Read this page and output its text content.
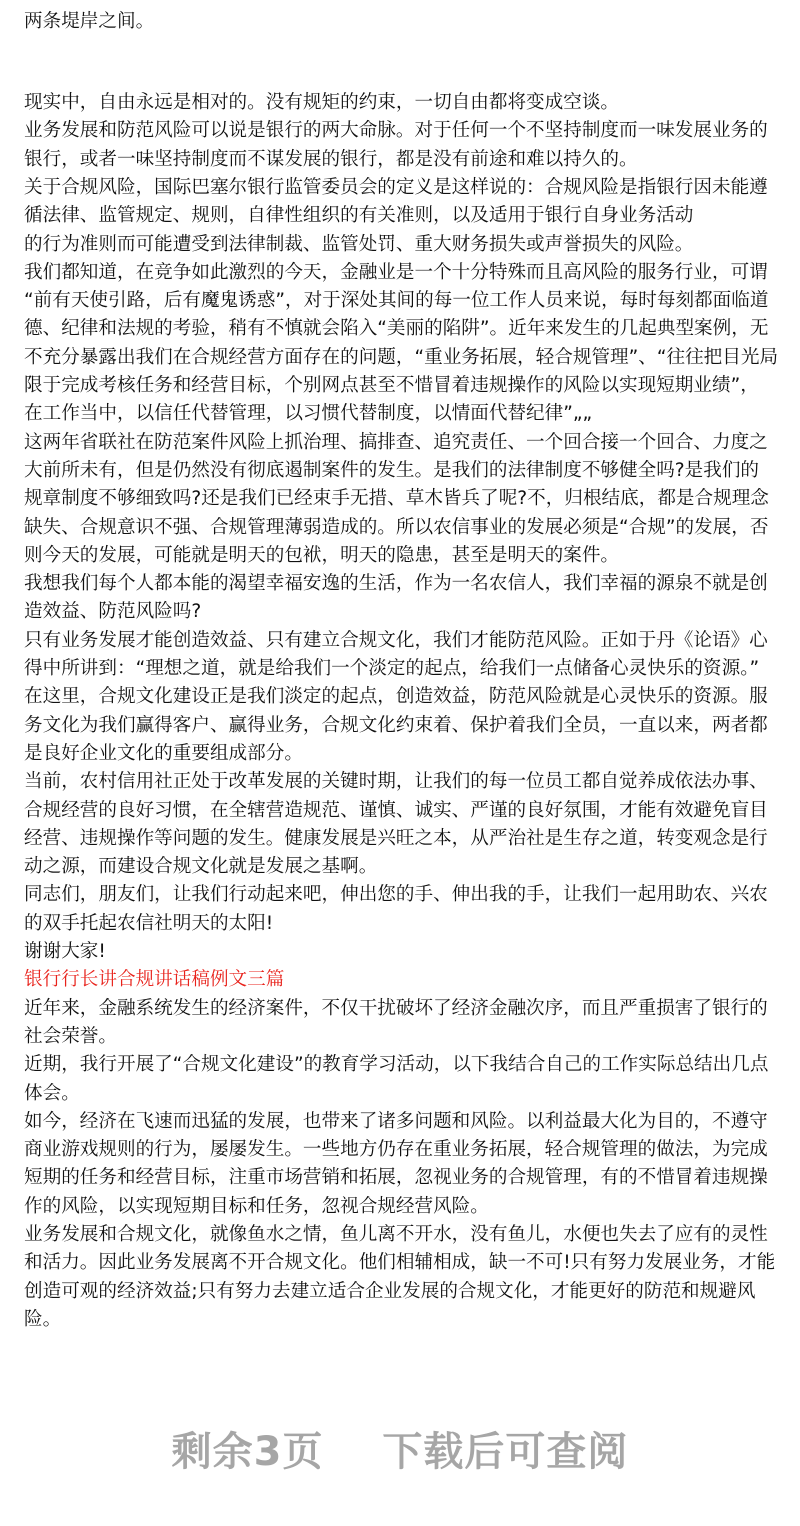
两条堤岸之间。
现实中，自由永远是相对的。没有规矩的约束，一切自由都将变成空谈。
业务发展和防范风险可以说是银行的两大命脉。对于任何一个不坚持制度而一味发展业务的
银行，或者一味坚持制度而不谋发展的银行，都是没有前途和难以持久的。
关于合规风险，国际巴塞尔银行监管委员会的定义是这样说的：合规风险是指银行因未能遵
循法律、监管规定、规则，自律性组织的有关准则，以及适用于银行自身业务活动
的行为准则而可能遭受到法律制裁、监管处罚、重大财务损失或声誉损失的风险。
我们都知道，在竞争如此激烈的今天，金融业是一个十分特殊而且高风险的服务行业，可谓
“前有天使引路，后有魔鬼诱惑”，对于深处其间的每一位工作人员来说，每时每刻都面临道
德、纪律和法规的考验，稍有不慎就会陷入“美丽的陷阱”。近年来发生的几起典型案例，无
不充分暴露出我们在合规经营方面存在的问题，“重业务拓展，轻合规管理”、“往往把目光局
限于完成考核任务和经营目标，个别网点甚至不惜冒着违规操作的风险以实现短期业绩”，
在工作当中，以信任代替管理，以习惯代替制度，以情面代替纪律”„„
这两年省联社在防范案件风险上抓治理、搞排查、追究责任、一个回合接一个回合、力度之
大前所未有，但是仍然没有彻底遏制案件的发生。是我们的法律制度不够健全吗?是我们的
规章制度不够细致吗?还是我们已经束手无措、草木皆兵了呢?不，归根结底，都是合规理念
缺失、合规意识不强、合规管理薄弱造成的。所以农信事业的发展必须是“合规”的发展，否
则今天的发展，可能就是明天的包袱，明天的隐患，甚至是明天的案件。
我想我们每个人都本能的渴望幸福安逸的生活，作为一名农信人，我们幸福的源泉不就是创
造效益、防范风险吗?
只有业务发展才能创造效益、只有建立合规文化，我们才能防范风险。正如于丹《论语》心
得中所讲到：“理想之道，就是给我们一个淡定的起点，给我们一点储备心灵快乐的资源。”
在这里，合规文化建设正是我们淡定的起点，创造效益，防范风险就是心灵快乐的资源。服
务文化为我们赢得客户、赢得业务，合规文化约束着、保护着我们全员，一直以来，两者都
是良好企业文化的重要组成部分。
当前，农村信用社正处于改革发展的关键时期，让我们的每一位员工都自觉养成依法办事、
合规经营的良好习惯，在全辖营造规范、谨慎、诚实、严谨的良好氛围，才能有效避免盲目
经营、违规操作等问题的发生。健康发展是兴旺之本，从严治社是生存之道，转变观念是行
动之源，而建设合规文化就是发展之基啊。
同志们，朋友们，让我们行动起来吧，伸出您的手、伸出我的手，让我们一起用助农、兴农
的双手托起农信社明天的太阳!
谢谢大家!
银行行长讲合规讲话稿例文三篇
近年来，金融系统发生的经济案件，不仅干扰破坏了经济金融次序，而且严重损害了银行的
社会荣誉。
近期，我行开展了“合规文化建设”的教育学习活动，以下我结合自己的工作实际总结出几点
体会。
如今，经济在飞速而迅猛的发展，也带来了诸多问题和风险。以利益最大化为目的，不遵守
商业游戏规则的行为，屡屡发生。一些地方仍存在重业务拓展，轻合规管理的做法，为完成
短期的任务和经营目标，注重市场营销和拓展，忽视业务的合规管理，有的不惜冒着违规操
作的风险，以实现短期目标和任务，忽视合规经营风险。
业务发展和合规文化，就像鱼水之情，鱼儿离不开水，没有鱼儿，水便也失去了应有的灵性
和活力。因此业务发展离不开合规文化。他们相辅相成，缺一不可!只有努力发展业务，才能
创造可观的经济效益;只有努力去建立适合企业发展的合规文化，才能更好的防范和规避风
险。
剩余3页 下载后可查阅
